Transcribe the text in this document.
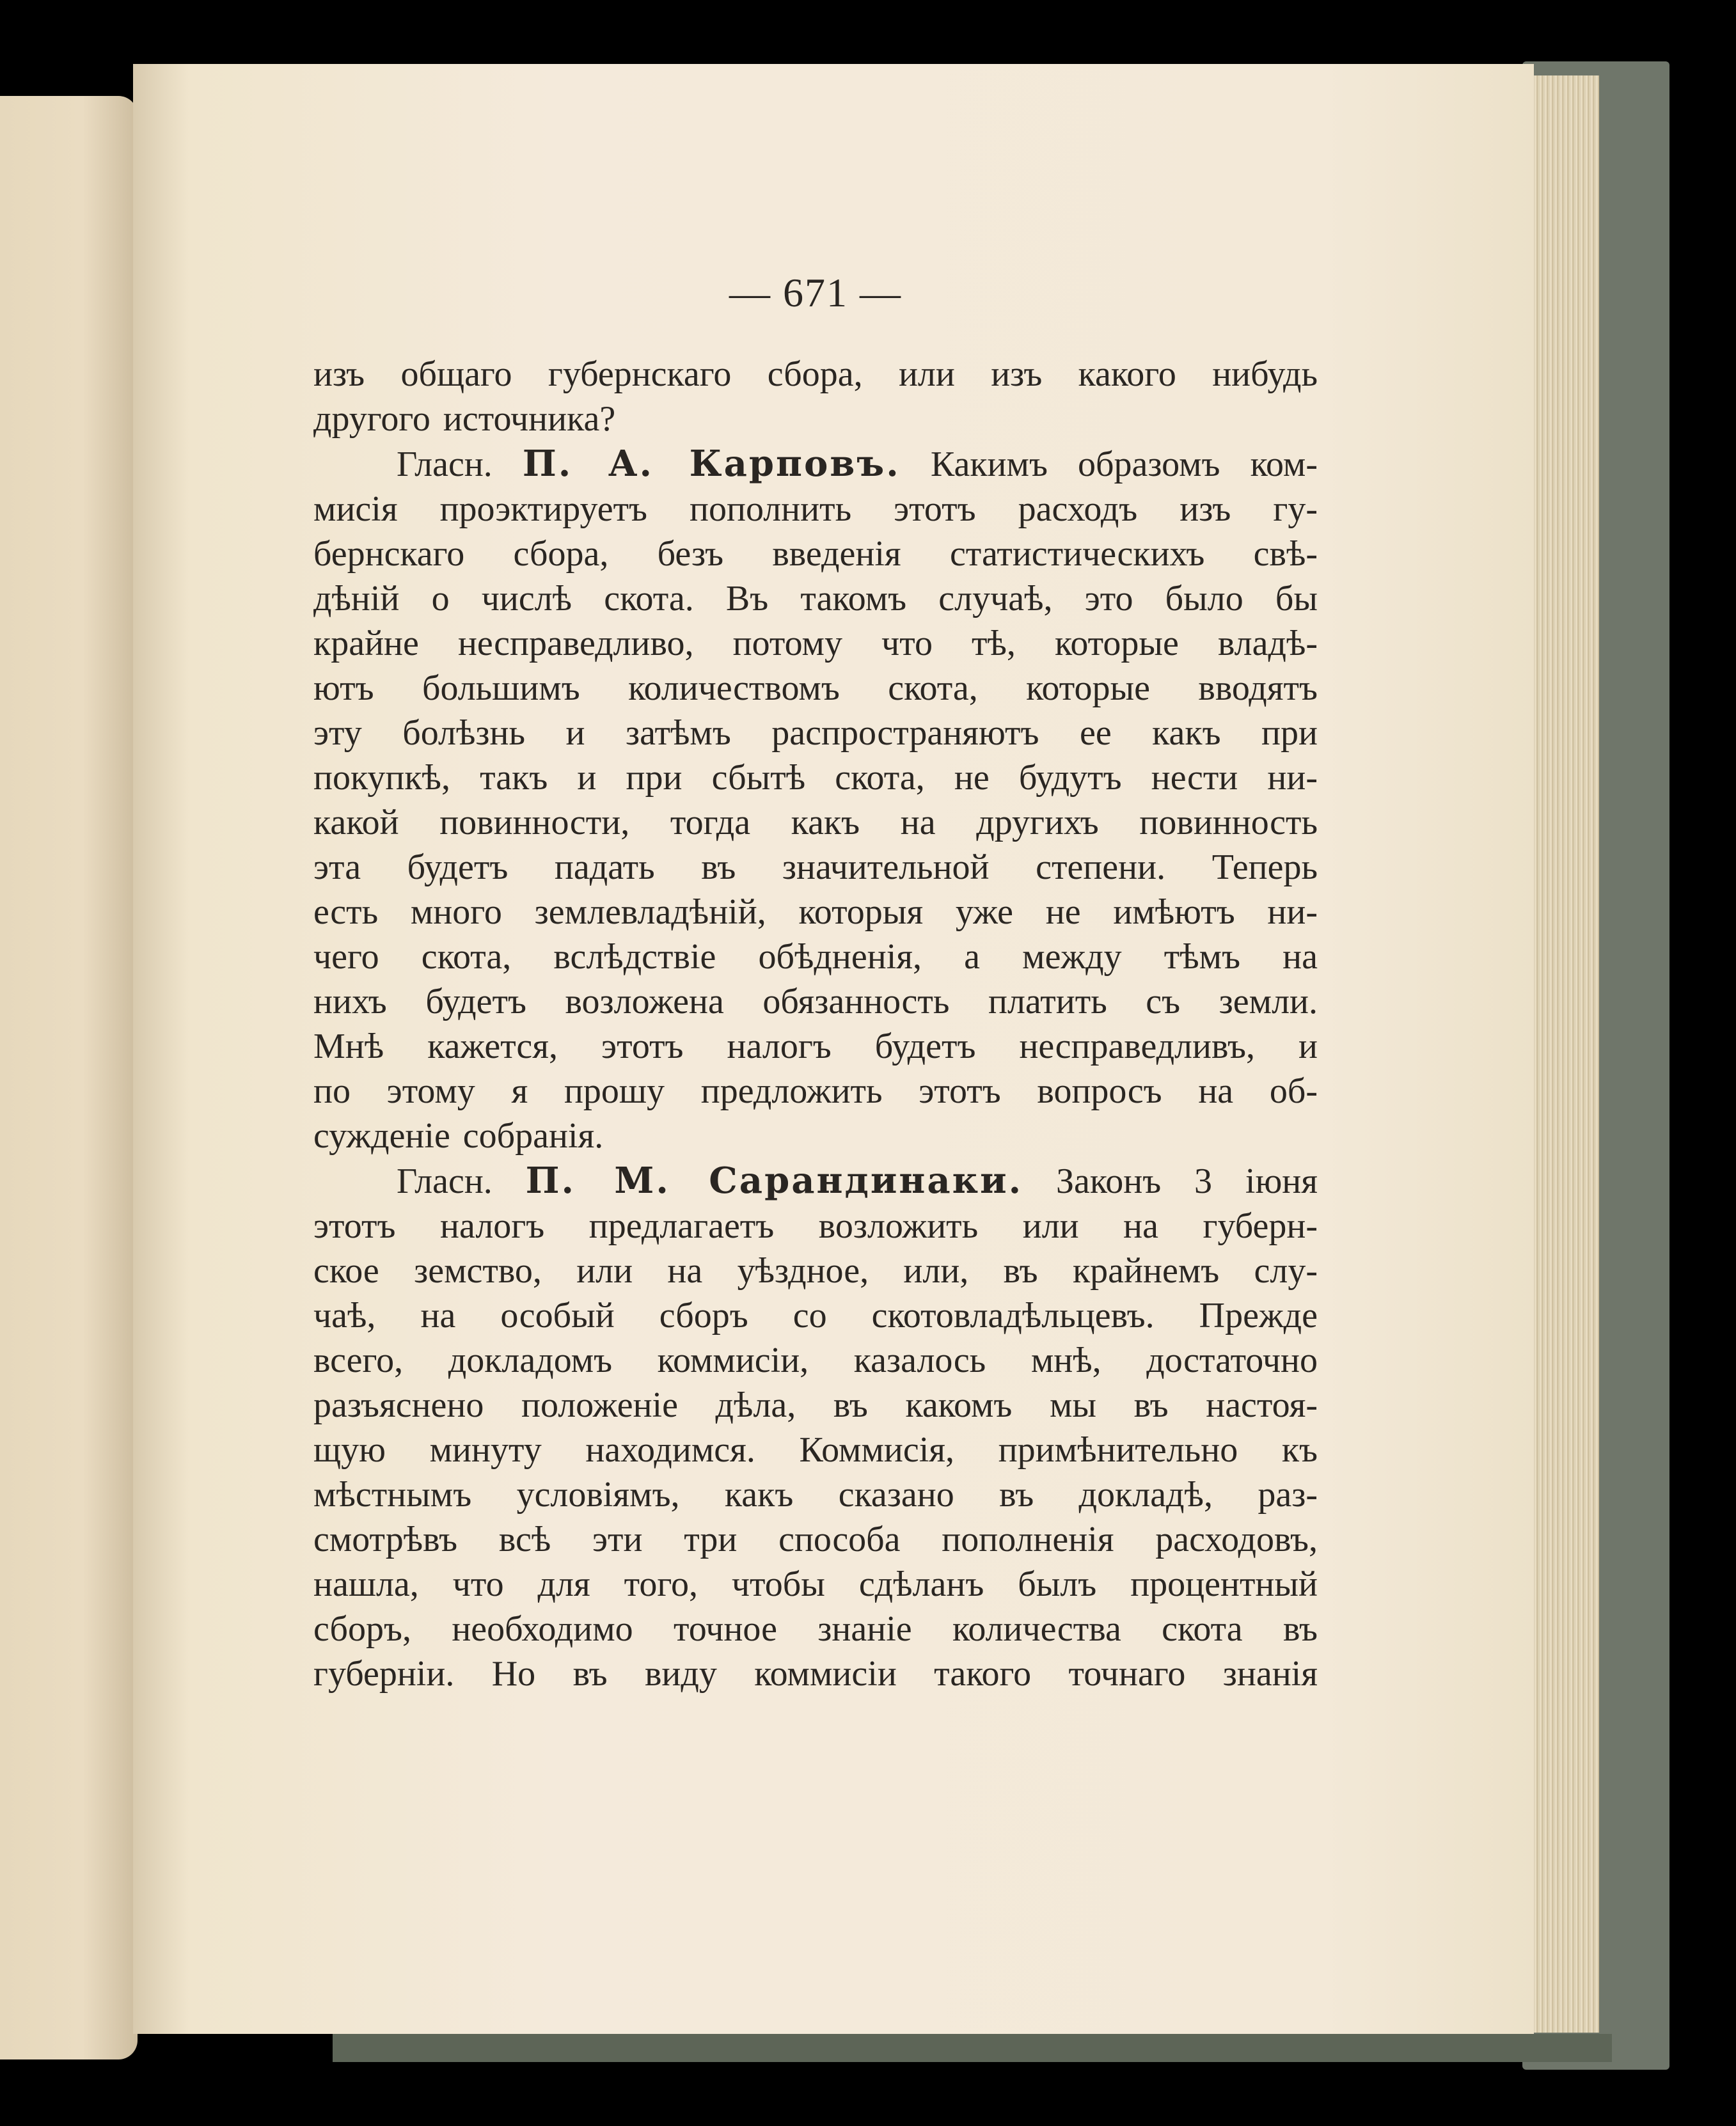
— 671 —
изъ общаго губернскаго сбора, или изъ какого нибудь
другого источника?
Гласн. П. А. Карповъ. Какимъ образомъ ком-
мисiя проэктируетъ пополнить этотъ расходъ изъ гу-
бернскаго сбора, безъ введенiя статистическихъ свѣ-
дѣнiй о числѣ скота. Въ такомъ случаѣ, это было бы
крайне несправедливо, потому что тѣ, которые владѣ-
ютъ большимъ количествомъ скота, которые вводятъ
эту болѣзнь и затѣмъ распространяютъ ее какъ при
покупкѣ, такъ и при сбытѣ скота, не будутъ нести ни-
какой повинности, тогда какъ на другихъ повинность
эта будетъ падать въ значительной степени. Теперь
есть много землевладѣнiй, которыя уже не имѣютъ ни-
чего скота, вслѣдствiе обѣдненiя, а между тѣмъ на
нихъ будетъ возложена обязанность платить съ земли.
Мнѣ кажется, этотъ налогъ будетъ несправедливъ, и
по этому я прошу предложить этотъ вопросъ на об-
сужденiе собранiя.
Гласн. П. М. Сарандинаки. Законъ 3 iюня
этотъ налогъ предлагаетъ возложить или на губерн-
ское земство, или на уѣздное, или, въ крайнемъ слу-
чаѣ, на особый сборъ со скотовладѣльцевъ. Прежде
всего, докладомъ коммисiи, казалось мнѣ, достаточно
разъяснено положенiе дѣла, въ какомъ мы въ настоя-
щую минуту находимся. Коммисiя, примѣнительно къ
мѣстнымъ условiямъ, какъ сказано въ докладѣ, раз-
смотрѣвъ всѣ эти три способа пополненiя расходовъ,
нашла, что для того, чтобы сдѣланъ былъ процентный
сборъ, необходимо точное знанiе количества скота въ
губернiи. Но въ виду коммисiи такого точнаго знанiя
